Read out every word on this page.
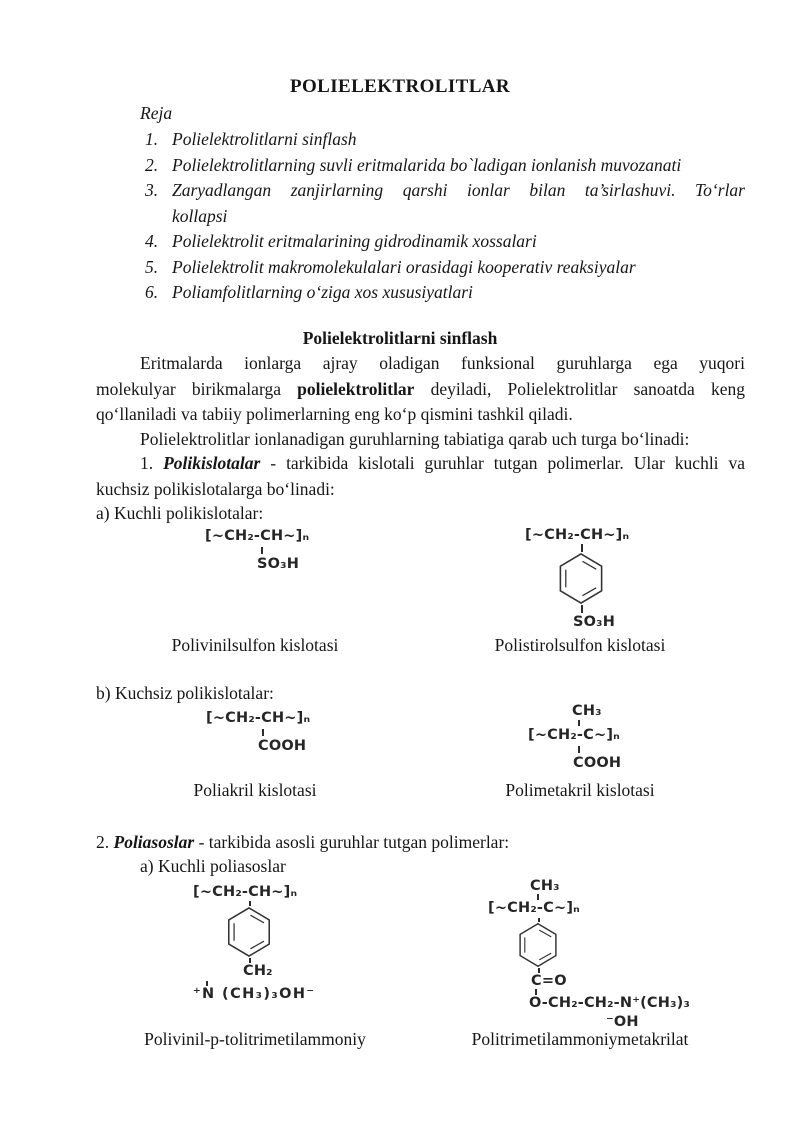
POLIELEKTROLITLAR
Reja
1. Polielektrolitlarni sinflash
2. Polielektrolitlarning suvli eritmalarida bo`ladigan ionlanish muvozanati
3. Zaryadlangan zanjirlarning qarshi ionlar bilan ta’sirlashuvi. To‘rlar
kollapsi
4. Polielektrolit eritmalarining gidrodinamik xossalari
5. Polielektrolit makromolekulalari orasidagi kooperativ reaksiyalar
6. Poliamfolitlarning o‘ziga xos xususiyatlari
Polielektrolitlarni sinflash
Eritmalarda ionlarga ajray oladigan funksional guruhlarga ega yuqori
molekulyar birikmalarga polielektrolitlar deyiladi, Polielektrolitlar sanoatda keng
qo‘llaniladi va tabiiy polimerlarning eng ko‘p qismini tashkil qiladi.
Polielektrolitlar ionlanadigan guruhlarning tabiatiga qarab uch turga bo‘linadi:
1. Polikislotalar - tarkibida kislotali guruhlar tutgan polimerlar. Ular kuchli va
kuchsiz polikislotalarga bo‘linadi:
a) Kuchli polikislotalar:
[~CH₂-CH~]ₙ
SO₃H
[~CH₂-CH~]ₙ
SO₃H
Polivinilsulfon kislotasi	Polistirolsulfon kislotasi
b) Kuchsiz polikislotalar:
[~CH₂-CH~]ₙ
COOH
CH₃
[~CH₂-C~]ₙ
COOH
Poliakril kislotasi	Polimetakril kislotasi
2. Poliasoslar - tarkibida asosli guruhlar tutgan polimerlar:
a) Kuchli poliasoslar
[~CH₂-CH~]ₙ
CH₂
⁺N (CH₃)₃OH⁻
CH₃
[~CH₂-C~]ₙ
C=O
O-CH₂-CH₂-N⁺(CH₃)₃
⁻OH
Polivinil-p-tolitrimetilammoniy	Politrimetilammoniymetakrilat
